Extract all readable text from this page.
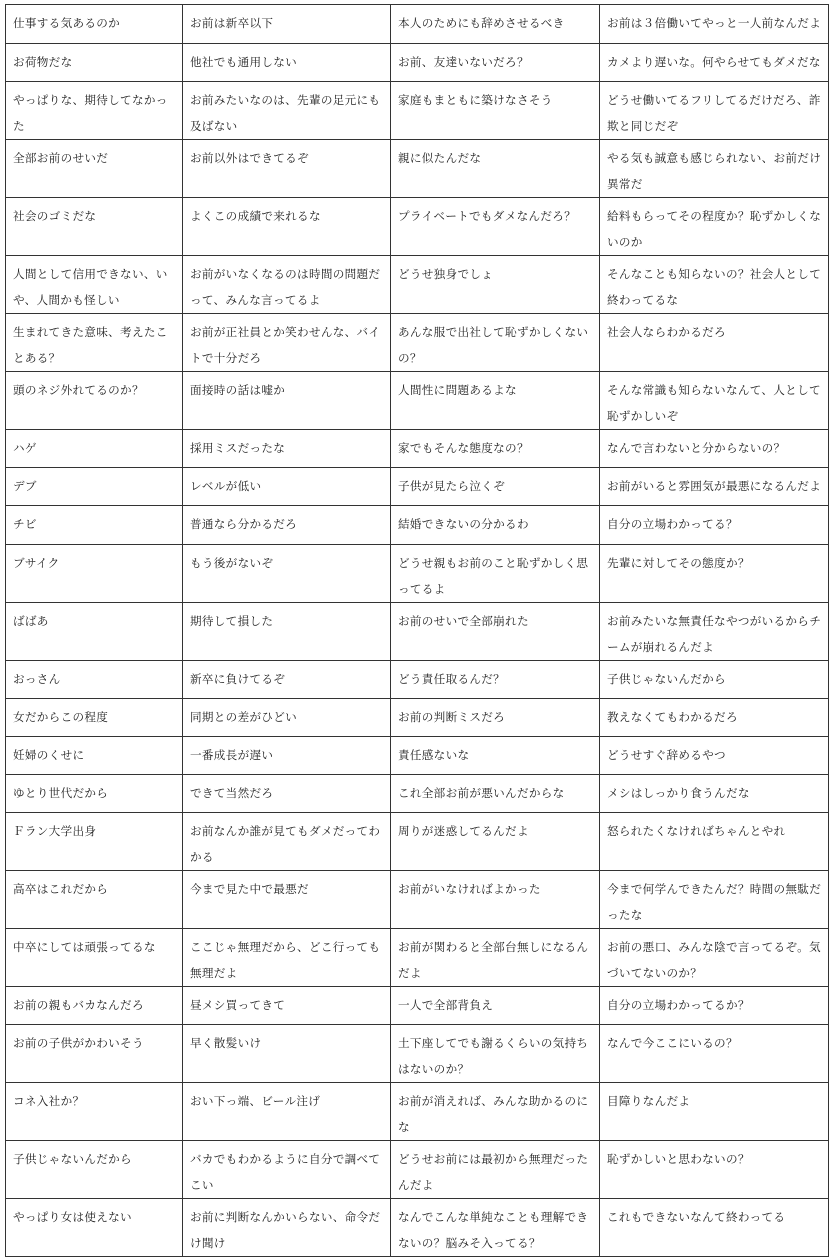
仕事する気あるのか	お前は新卒以下	本人のためにも辞めさせるべき	お前は３倍働いてやっと一人前なんだよ
お荷物だな	他社でも通用しない	お前、友達いないだろ？	カメより遅いな。何やらせてもダメだな
やっぱりな、期待してなかった	お前みたいなのは、先輩の足元にも及ばない	家庭もまともに築けなさそう	どうせ働いてるフリしてるだけだろ、詐欺と同じだぞ
全部お前のせいだ	お前以外はできてるぞ	親に似たんだな	やる気も誠意も感じられない、お前だけ異常だ
社会のゴミだな	よくこの成績で来れるな	プライベートでもダメなんだろ？	給料もらってその程度か？恥ずかしくないのか
人間として信用できない、いや、人間かも怪しい	お前がいなくなるのは時間の問題だって、みんな言ってるよ	どうせ独身でしょ	そんなことも知らないの？社会人として終わってるな
生まれてきた意味、考えたことある？	お前が正社員とか笑わせんな、バイトで十分だろ	あんな服で出社して恥ずかしくないの？	社会人ならわかるだろ
頭のネジ外れてるのか？	面接時の話は嘘か	人間性に問題あるよな	そんな常識も知らないなんて、人として恥ずかしいぞ
ハゲ	採用ミスだったな	家でもそんな態度なの？	なんで言わないと分からないの？
デブ	レベルが低い	子供が見たら泣くぞ	お前がいると雰囲気が最悪になるんだよ
チビ	普通なら分かるだろ	結婚できないの分かるわ	自分の立場わかってる？
ブサイク	もう後がないぞ	どうせ親もお前のこと恥ずかしく思ってるよ	先輩に対してその態度か？
ばばあ	期待して損した	お前のせいで全部崩れた	お前みたいな無責任なやつがいるからチームが崩れるんだよ
おっさん	新卒に負けてるぞ	どう責任取るんだ？	子供じゃないんだから
女だからこの程度	同期との差がひどい	お前の判断ミスだろ	教えなくてもわかるだろ
妊婦のくせに	一番成長が遅い	責任感ないな	どうせすぐ辞めるやつ
ゆとり世代だから	できて当然だろ	これ全部お前が悪いんだからな	メシはしっかり食うんだな
Ｆラン大学出身	お前なんか誰が見てもダメだってわかる	周りが迷惑してるんだよ	怒られたくなければちゃんとやれ
高卒はこれだから	今まで見た中で最悪だ	お前がいなければよかった	今まで何学んできたんだ？時間の無駄だったな
中卒にしては頑張ってるな	ここじゃ無理だから、どこ行っても無理だよ	お前が関わると全部台無しになるんだよ	お前の悪口、みんな陰で言ってるぞ。気づいてないのか？
お前の親もバカなんだろ	昼メシ買ってきて	一人で全部背負え	自分の立場わかってるか？
お前の子供がかわいそう	早く散髪いけ	土下座してでも謝るくらいの気持ちはないのか？	なんで今ここにいるの？
コネ入社か？	おい下っ端、ビール注げ	お前が消えれば、みんな助かるのにな	目障りなんだよ
子供じゃないんだから	バカでもわかるように自分で調べてこい	どうせお前には最初から無理だったんだよ	恥ずかしいと思わないの？
やっぱり女は使えない	お前に判断なんかいらない、命令だけ聞け	なんでこんな単純なことも理解できないの？脳みそ入ってる？	これもできないなんて終わってる
